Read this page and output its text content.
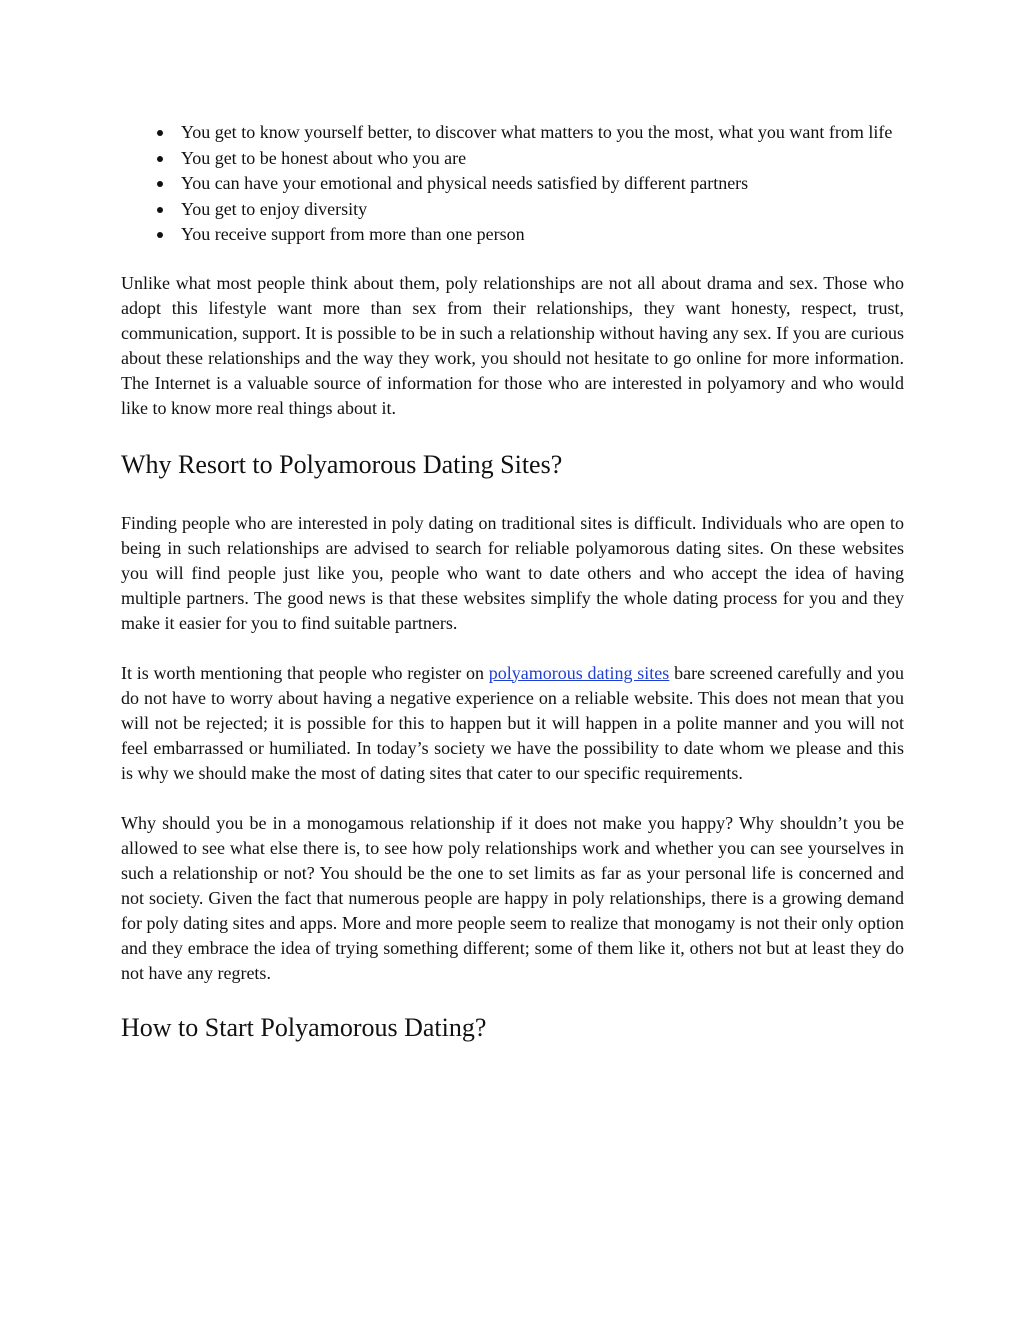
You get to know yourself better, to discover what matters to you the most, what you want from life
You get to be honest about who you are
You can have your emotional and physical needs satisfied by different partners
You get to enjoy diversity
You receive support from more than one person

Unlike what most people think about them, poly relationships are not all about drama and sex. Those who adopt this lifestyle want more than sex from their relationships, they want honesty, respect, trust, communication, support. It is possible to be in such a relationship without having any sex. If you are curious about these relationships and the way they work, you should not hesitate to go online for more information. The Internet is a valuable source of information for those who are interested in polyamory and who would like to know more real things about it.

Why Resort to Polyamorous Dating Sites?

Finding people who are interested in poly dating on traditional sites is difficult. Individuals who are open to being in such relationships are advised to search for reliable polyamorous dating sites. On these websites you will find people just like you, people who want to date others and who accept the idea of having multiple partners. The good news is that these websites simplify the whole dating process for you and they make it easier for you to find suitable partners.

It is worth mentioning that people who register on polyamorous dating sites bare screened carefully and you do not have to worry about having a negative experience on a reliable website. This does not mean that you will not be rejected; it is possible for this to happen but it will happen in a polite manner and you will not feel embarrassed or humiliated. In today’s society we have the possibility to date whom we please and this is why we should make the most of dating sites that cater to our specific requirements.

Why should you be in a monogamous relationship if it does not make you happy? Why shouldn’t you be allowed to see what else there is, to see how poly relationships work and whether you can see yourselves in such a relationship or not? You should be the one to set limits as far as your personal life is concerned and not society. Given the fact that numerous people are happy in poly relationships, there is a growing demand for poly dating sites and apps. More and more people seem to realize that monogamy is not their only option and they embrace the idea of trying something different; some of them like it, others not but at least they do not have any regrets.

How to Start Polyamorous Dating?
